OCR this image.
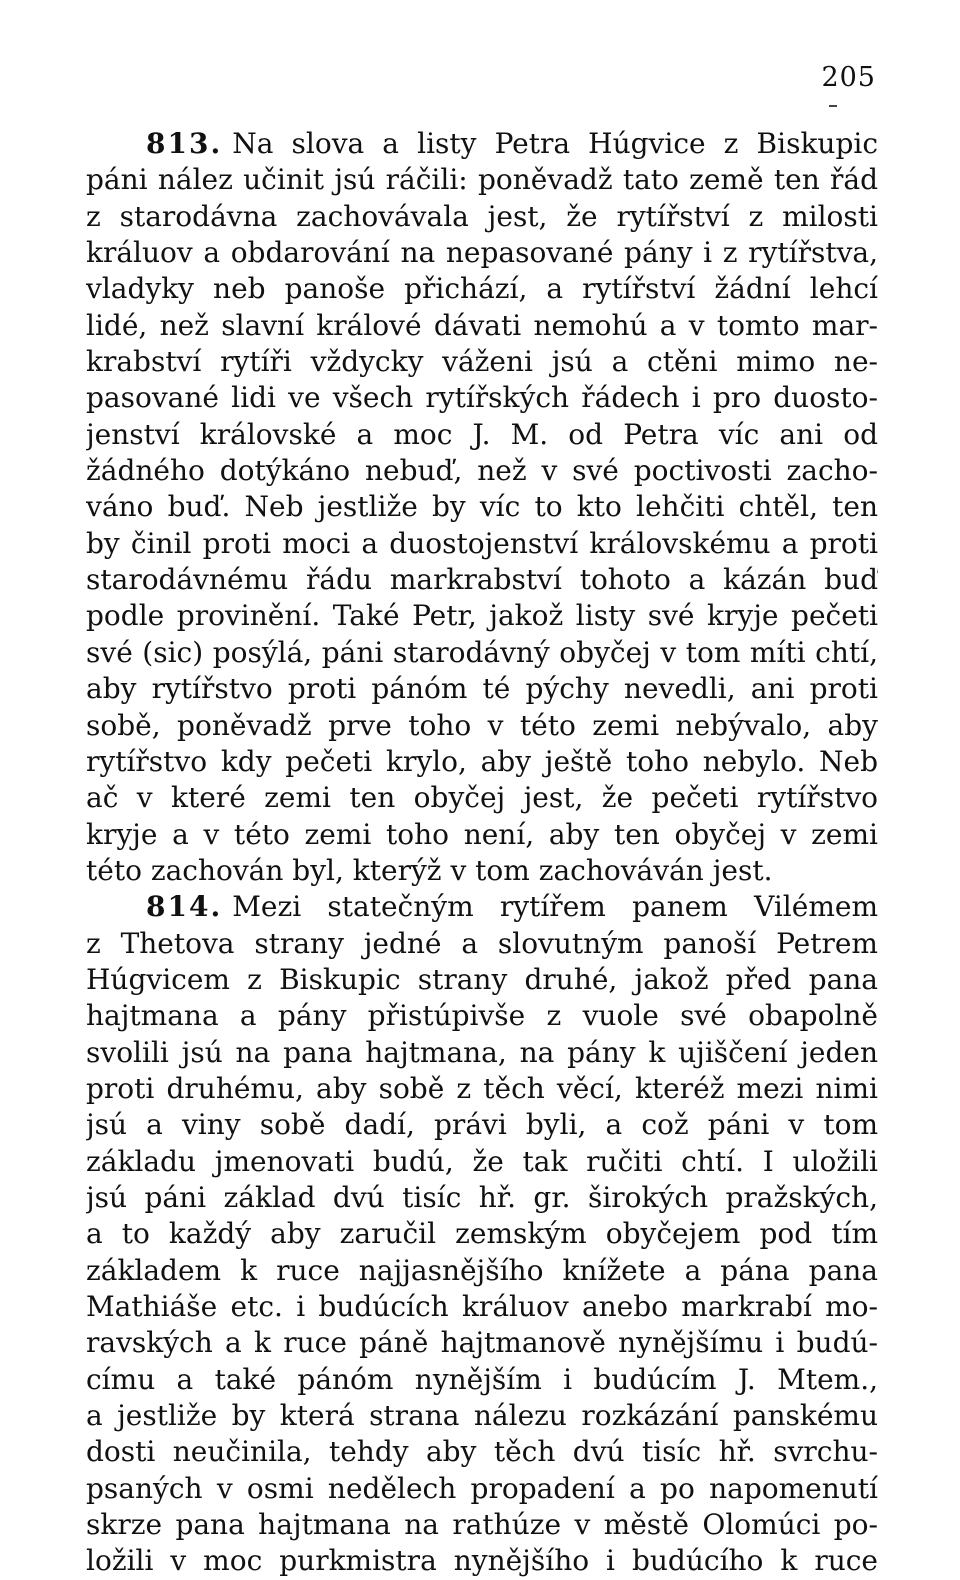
205
813. Na slova a listy Petra Húgvice z Biskupic
páni nález učinit jsú ráčili: poněvadž tato země ten řád
z starodávna zachovávala jest, že rytířství z milosti
králuov a obdarování na nepasované pány i z rytířstva,
vladyky neb panoše přichází, a rytířství žádní lehcí
lidé, než slavní králové dávati nemohú a v tomto mar-
krabství rytíři vždycky váženi jsú a ctěni mimo ne-
pasované lidi ve všech rytířských řádech i pro duosto-
jenství královské a moc J. M. od Petra víc ani od
žádného dotýkáno nebuď, než v své poctivosti zacho-
váno buď. Neb jestliže by víc to kto lehčiti chtěl, ten
by činil proti moci a duostojenství královskému a proti
starodávnému řádu markrabství tohoto a kázán buď
podle provinění. Také Petr, jakož listy své kryje pečeti
své (sic) posýlá, páni starodávný obyčej v tom míti chtí,
aby rytířstvo proti pánóm té pýchy nevedli, ani proti
sobě, poněvadž prve toho v této zemi nebývalo, aby
rytířstvo kdy pečeti krylo, aby ještě toho nebylo. Neb
ač v které zemi ten obyčej jest, že pečeti rytířstvo
kryje a v této zemi toho není, aby ten obyčej v zemi
této zachován byl, kterýž v tom zachováván jest.
814. Mezi statečným rytířem panem Vilémem
z Thetova strany jedné a slovutným panoší Petrem
Húgvicem z Biskupic strany druhé, jakož před pana
hajtmana a pány přistúpivše z vuole své obapolně
svolili jsú na pana hajtmana, na pány k ujiščení jeden
proti druhému, aby sobě z těch věcí, kteréž mezi nimi
jsú a viny sobě dadí, právi byli, a což páni v tom
základu jmenovati budú, že tak ručiti chtí. I uložili
jsú páni základ dvú tisíc hř. gr. širokých pražských,
a to každý aby zaručil zemským obyčejem pod tím
základem k ruce najjasnějšího knížete a pána pana
Mathiáše etc. i budúcích králuov anebo markrabí mo-
ravských a k ruce páně hajtmanově nynějšímu i budú-
címu a také pánóm nynějším i budúcím J. Mtem.,
a jestliže by která strana nálezu rozkázání panskému
dosti neučinila, tehdy aby těch dvú tisíc hř. svrchu-
psaných v osmi nedělech propadení a po napomenutí
skrze pana hajtmana na rathúze v městě Olomúci po-
ložili v moc purkmistra nynějšího i budúcího k ruce
